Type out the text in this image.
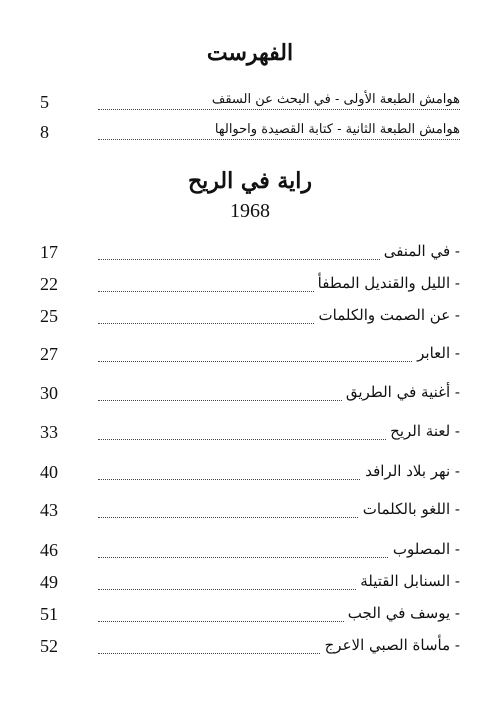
الفهرست
5	هوامش الطبعة الأولى - في البحث عن السقف
8	هوامش الطبعة الثانية - كتابة القصيدة واحوالها
راية في الريح
1968
17	- في المنفى
22	- الليل والقنديل المطفأ
25	- عن الصمت والكلمات
27	- العابر
30	- أغنية في الطريق
33	- لعنة الريح
40	- نهر بلاد الرافد
43	- اللغو بالكلمات
46	- المصلوب
49	- السنابل القتيلة
51	- يوسف في الجب
52	- مأساة الصبي الاعرج
